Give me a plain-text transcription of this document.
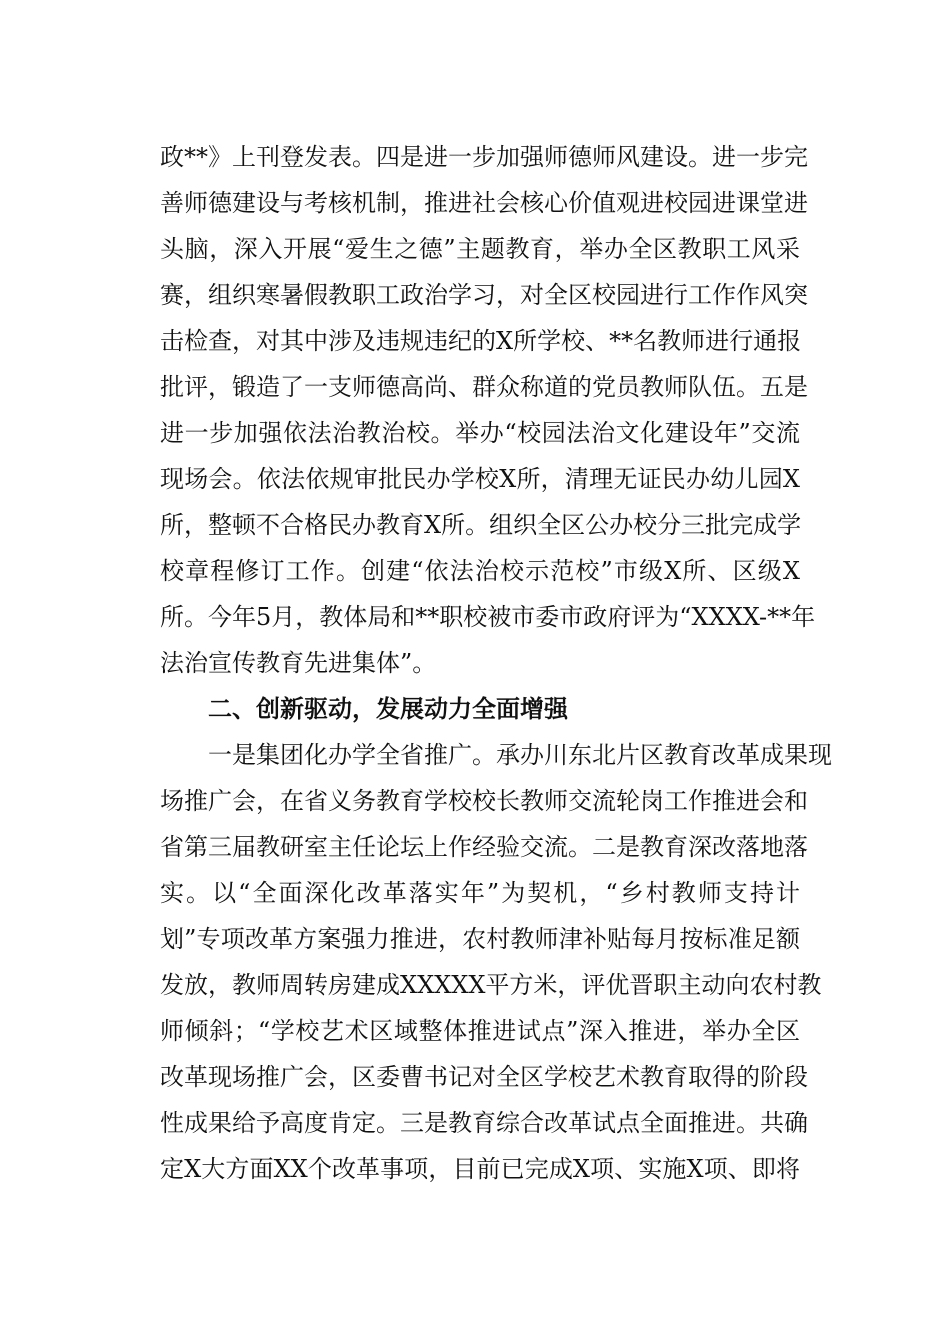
政**》上刊登发表。四是进一步加强师德师风建设。进一步完
善师德建设与考核机制，推进社会核心价值观进校园进课堂进
头脑，深入开展“爱生之德”主题教育，举办全区教职工风采
赛，组织寒暑假教职工政治学习，对全区校园进行工作作风突
击检查，对其中涉及违规违纪的X所学校、**名教师进行通报
批评，锻造了一支师德高尚、群众称道的党员教师队伍。五是
进一步加强依法治教治校。举办“校园法治文化建设年”交流
现场会。依法依规审批民办学校X所，清理无证民办幼儿园X
所，整顿不合格民办教育X所。组织全区公办校分三批完成学
校章程修订工作。创建“依法治校示范校”市级X所、区级X
所。今年5月，教体局和**职校被市委市政府评为“XXXX-**年
法治宣传教育先进集体”。
二、创新驱动，发展动力全面增强
一是集团化办学全省推广。承办川东北片区教育改革成果现
场推广会，在省义务教育学校校长教师交流轮岗工作推进会和
省第三届教研室主任论坛上作经验交流。二是教育深改落地落
实。以“全面深化改革落实年”为契机，“乡村教师支持计
划”专项改革方案强力推进，农村教师津补贴每月按标准足额
发放，教师周转房建成XXXXX平方米，评优晋职主动向农村教
师倾斜；“学校艺术区域整体推进试点”深入推进，举办全区
改革现场推广会，区委曹书记对全区学校艺术教育取得的阶段
性成果给予高度肯定。三是教育综合改革试点全面推进。共确
定X大方面XX个改革事项，目前已完成X项、实施X项、即将
